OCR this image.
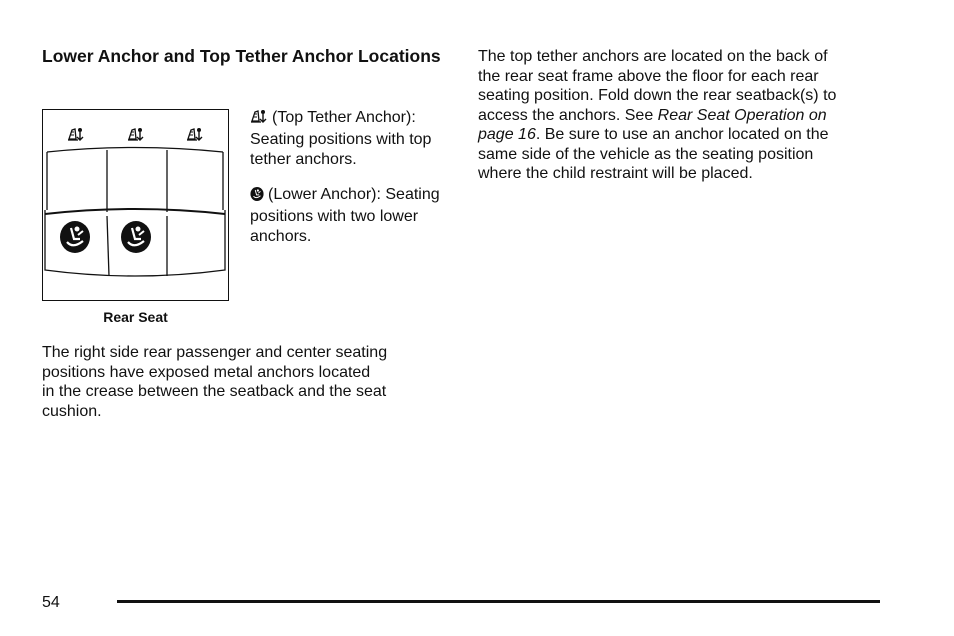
Lower Anchor and Top Tether Anchor Locations
Rear Seat
(Top Tether Anchor): Seating positions with top tether anchors.
(Lower Anchor): Seating positions with two lower anchors.
The right side rear passenger and center seating
positions have exposed metal anchors located
in the crease between the seatback and the seat
cushion.
The top tether anchors are located on the back of
the rear seat frame above the floor for each rear
seating position. Fold down the rear seatback(s) to
access the anchors. See Rear Seat Operation on
page 16. Be sure to use an anchor located on the
same side of the vehicle as the seating position
where the child restraint will be placed.
54
